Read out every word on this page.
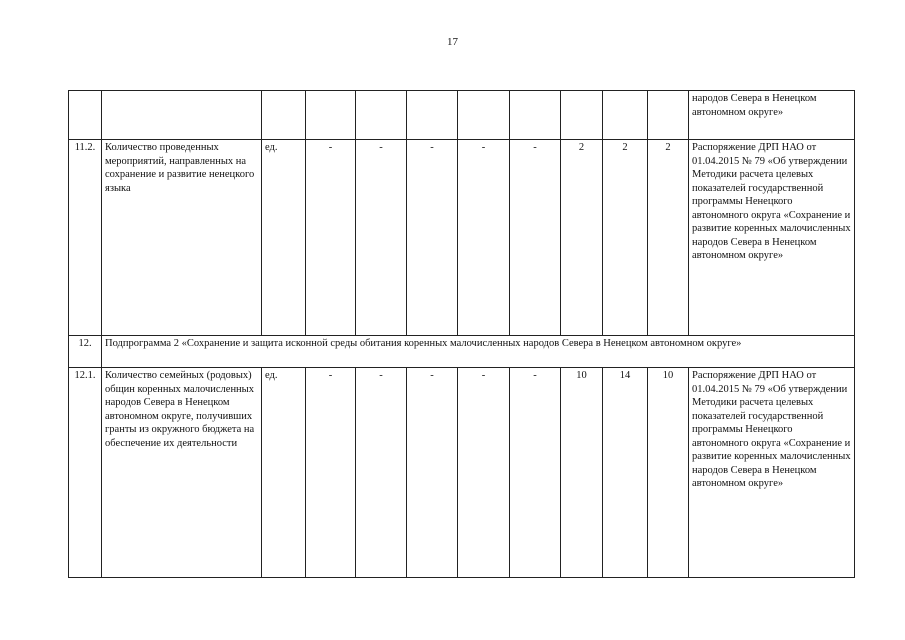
17
											народов Севера в Ненецком автономном округе»
11.2.	Количество проведенных мероприятий, направленных на сохранение и развитие ненецкого языка	ед.	-	-	-	-	-	2	2	2	Распоряжение ДРП НАО от 01.04.2015 № 79 «Об утверждении Методики расчета целевых показателей государственной программы Ненецкого автономного округа «Сохранение и развитие коренных малочисленных народов Севера в Ненецком автономном округе»
12.	Подпрограмма 2 «Сохранение и защита исконной среды обитания коренных малочисленных народов Севера в Ненецком автономном округе»										
12.1.	Количество семейных (родовых) общин коренных малочисленных народов Севера в Ненецком автономном округе, получивших гранты из окружного бюджета на обеспечение их деятельности	ед.	-	-	-	-	-	10	14	10	Распоряжение ДРП НАО от 01.04.2015 № 79 «Об утверждении Методики расчета целевых показателей государственной программы Ненецкого автономного округа «Сохранение и развитие коренных малочисленных народов Севера в Ненецком автономном округе»
